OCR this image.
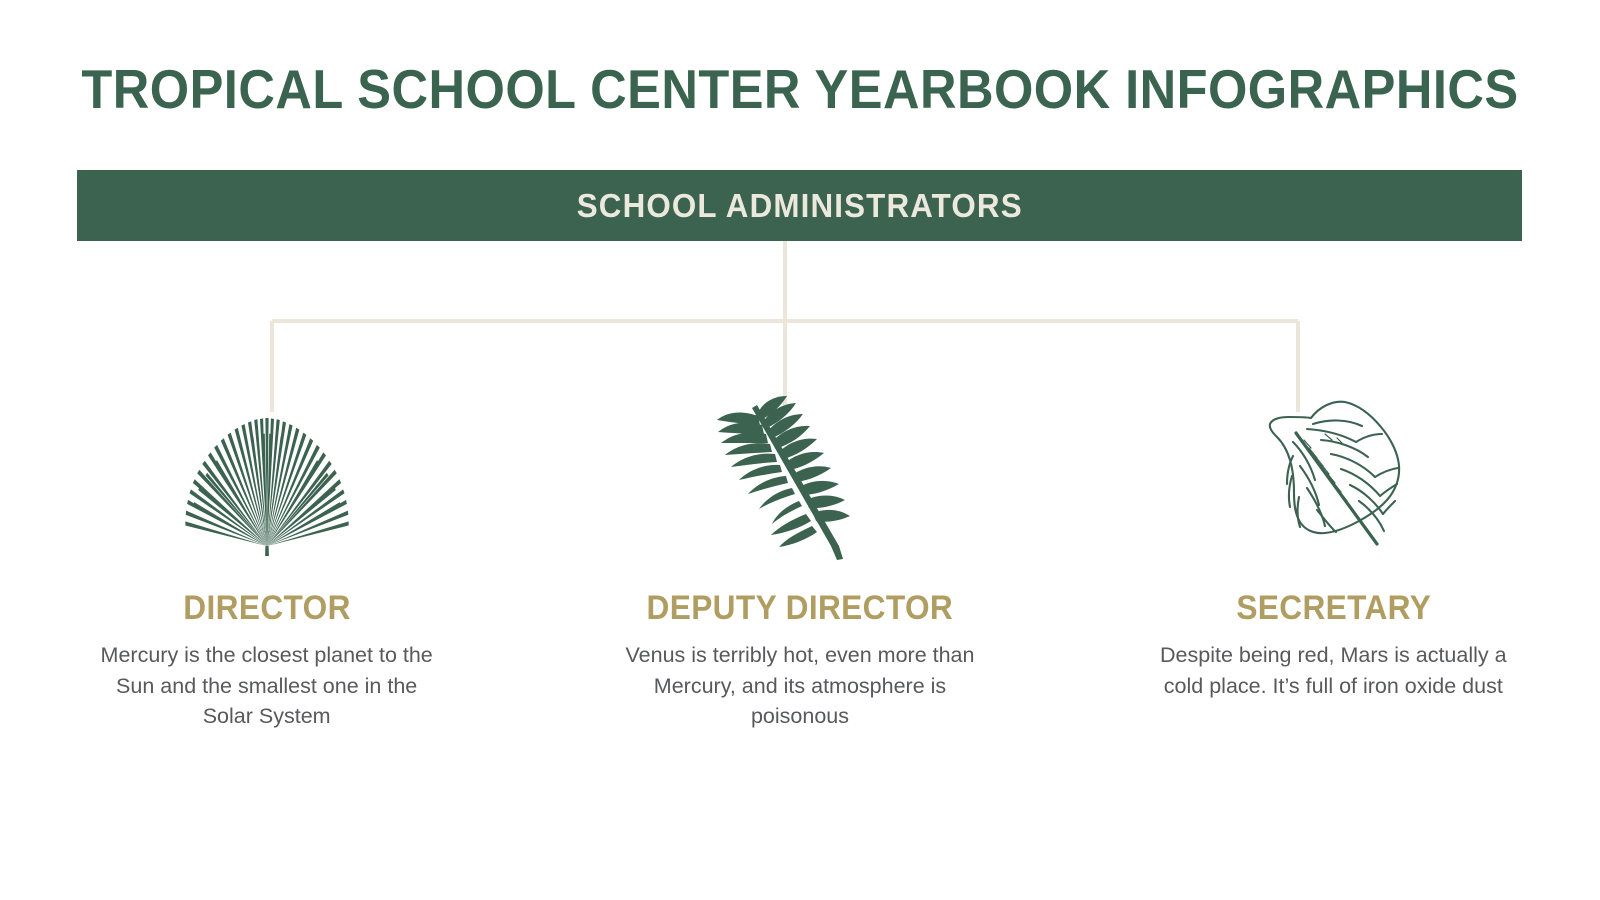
TROPICAL SCHOOL CENTER YEARBOOK INFOGRAPHICS
SCHOOL ADMINISTRATORS
DIRECTOR
Mercury is the closest planet to the Sun and the smallest one in the Solar System
DEPUTY DIRECTOR
Venus is terribly hot, even more than Mercury, and its atmosphere is poisonous
SECRETARY
Despite being red, Mars is actually a cold place. It’s full of iron oxide dust
